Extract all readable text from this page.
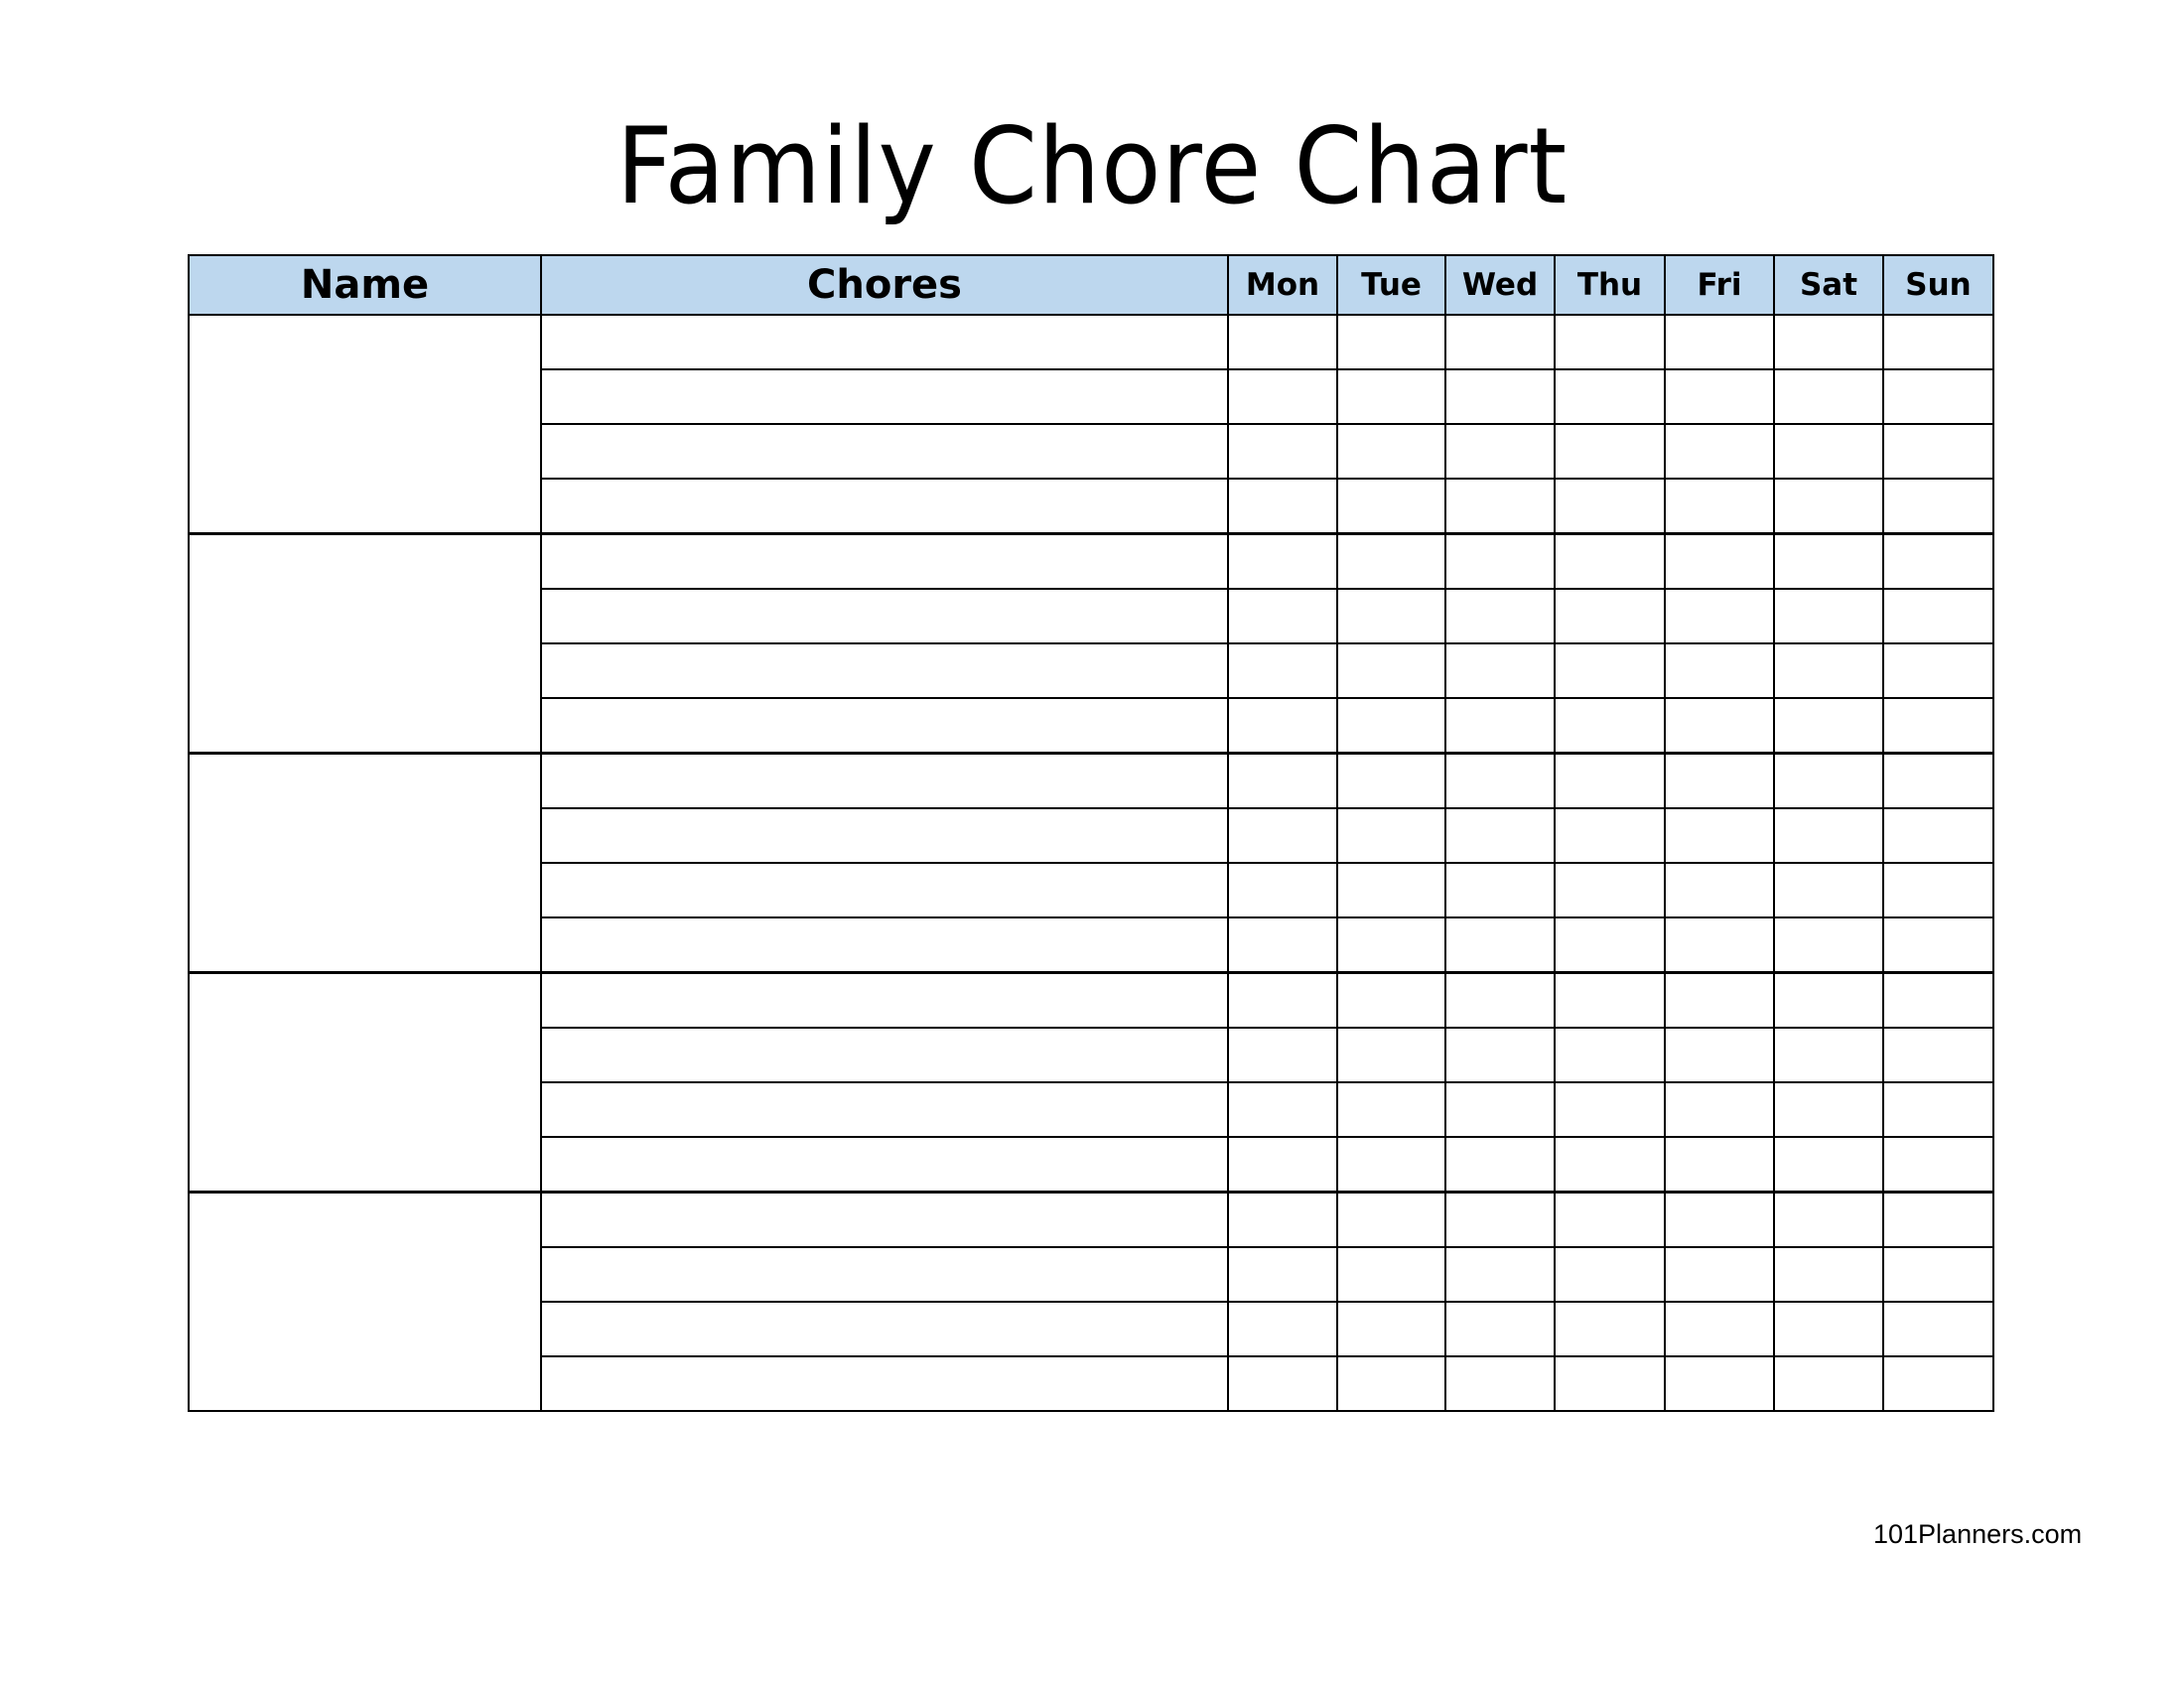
Family Chore Chart
Name	Chores	Mon	Tue	Wed	Thu	Fri	Sat	Sun

101Planners.com
